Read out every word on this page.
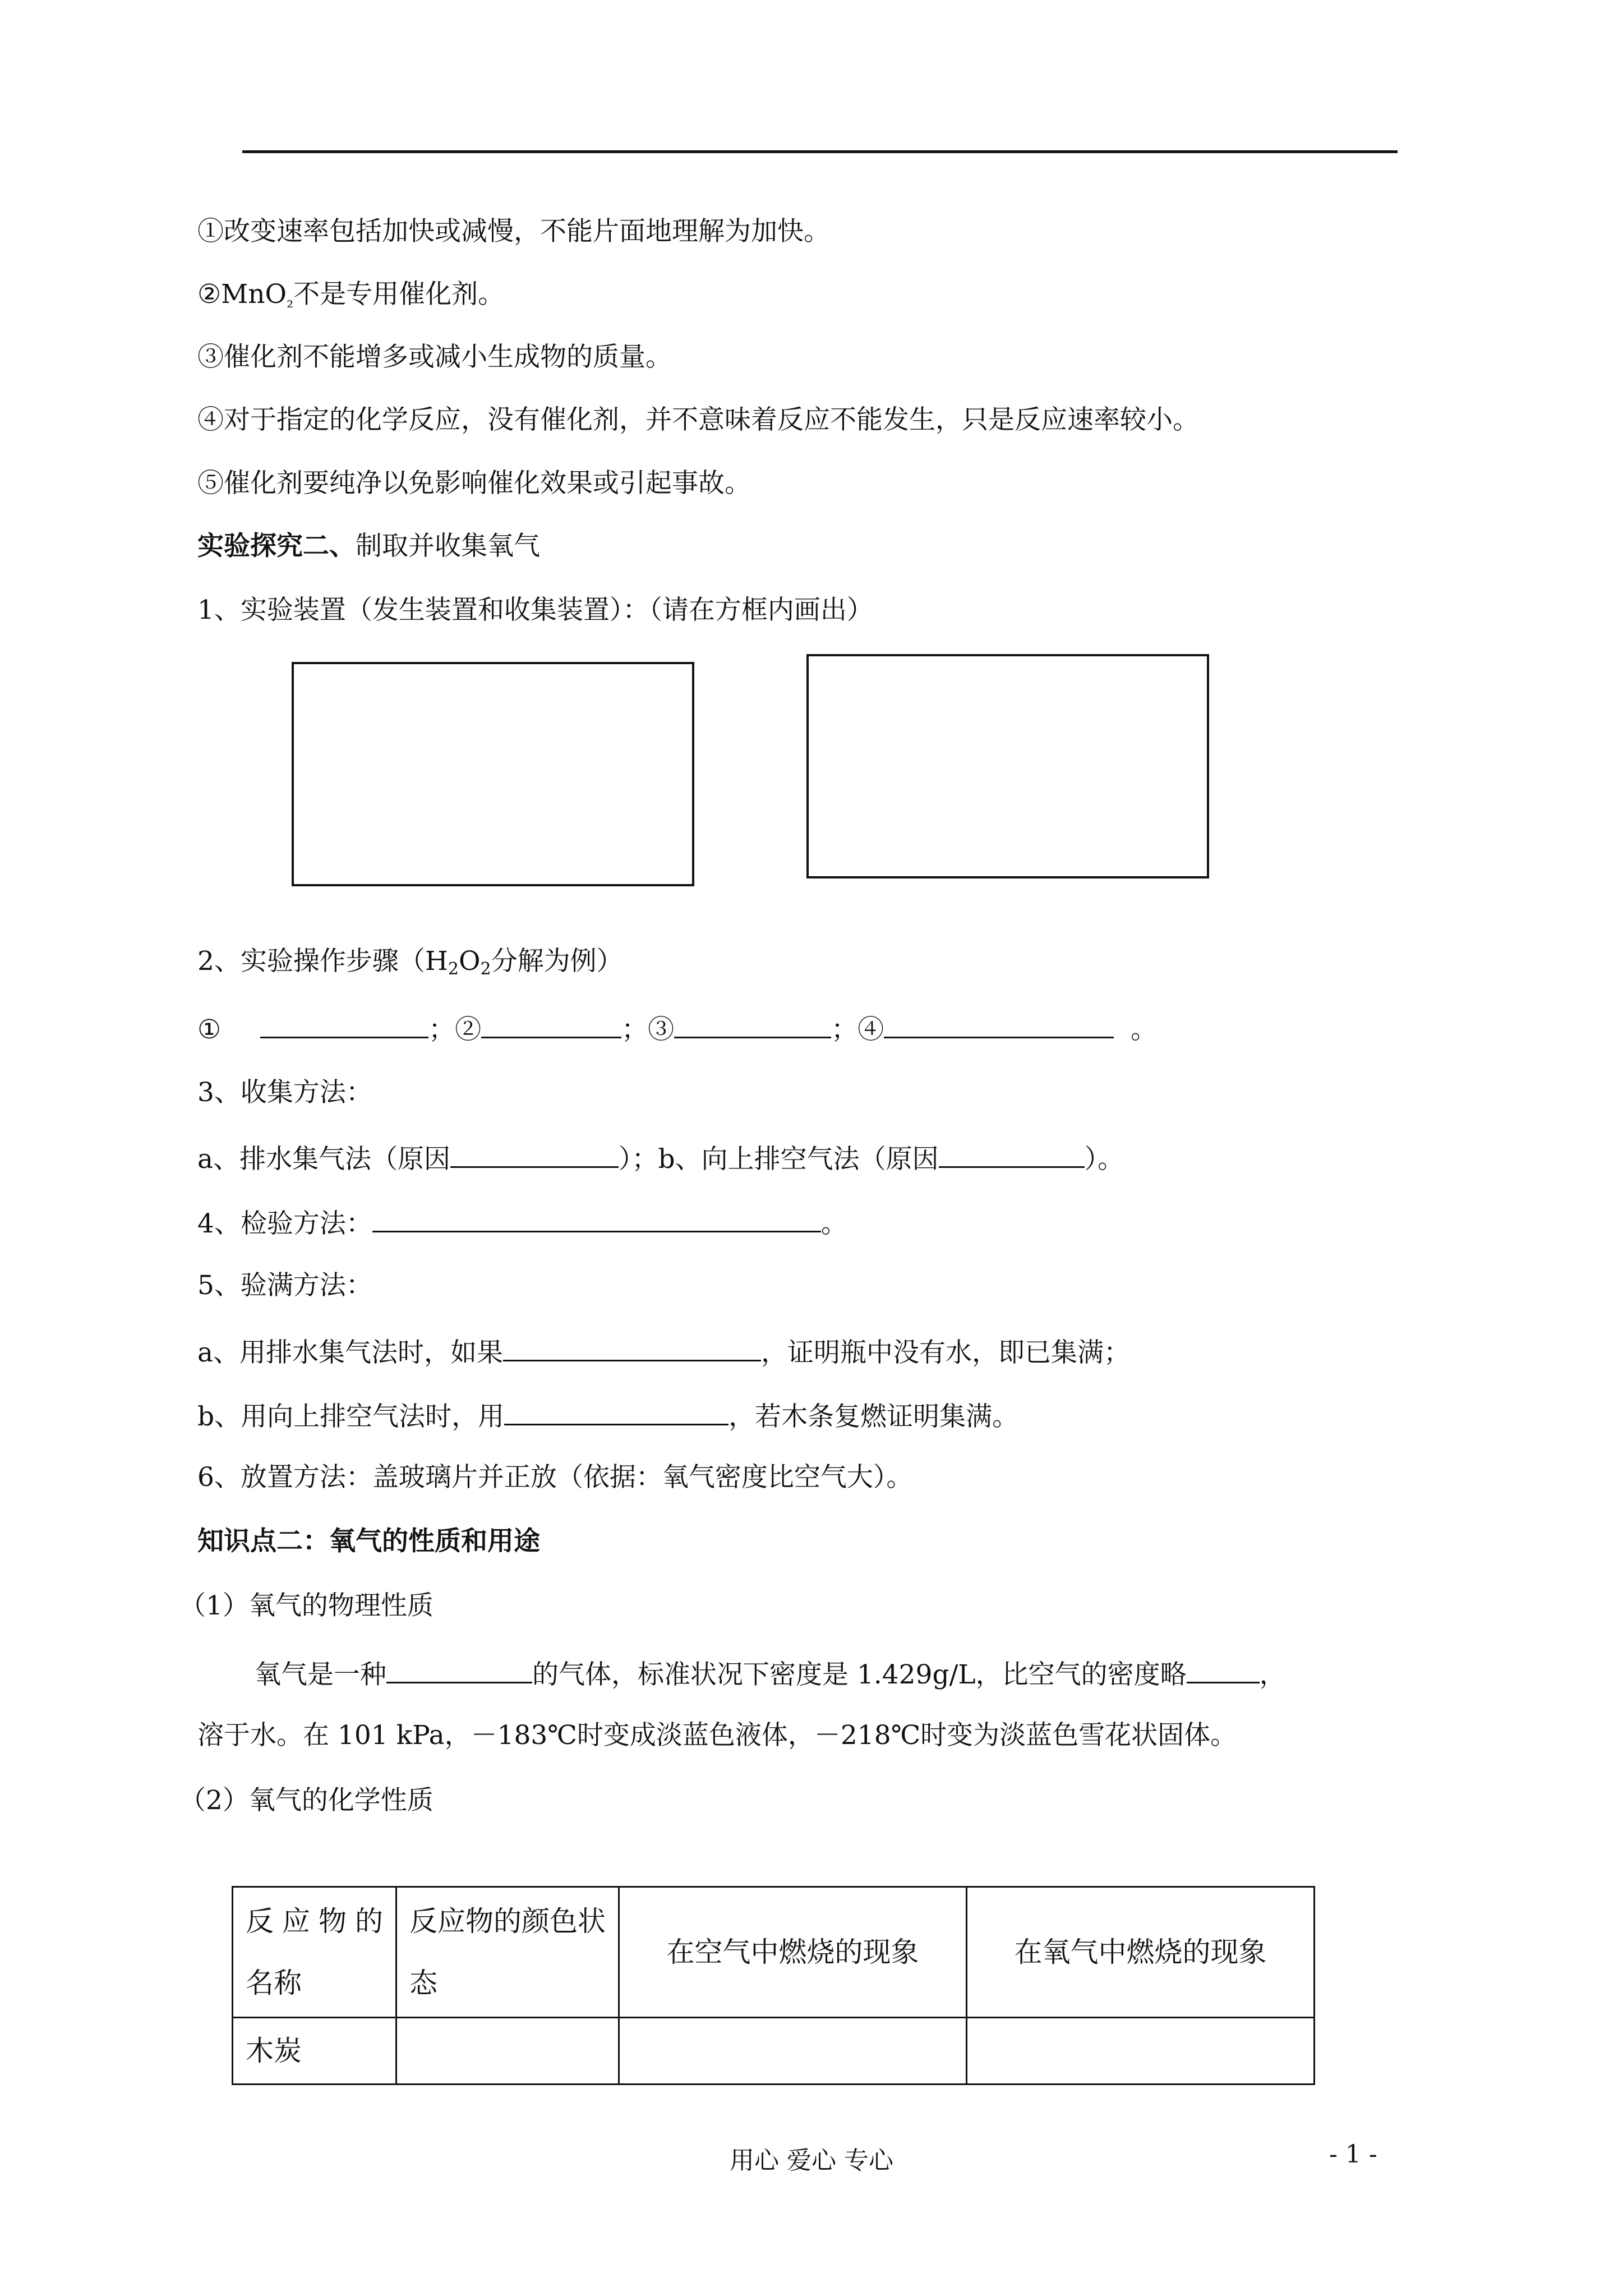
①改变速率包括加快或减慢，不能片面地理解为加快。
②MnO$_{_2}$不是专用催化剂。
③催化剂不能增多或减小生成物的质量。
④对于指定的化学反应，没有催化剂，并不意味着反应不能发生，只是反应速率较小。
⑤催化剂要纯净以免影响催化效果或引起事故。
实验探究二、制取并收集氧气
1、实验装置（发生装置和收集装置）：（请在方框内画出）
2、实验操作步骤（$H_2O_2$分解为例）
①	；②	；③	；④	。
3、收集方法：
a、排水集气法（原因	）；b、向上排空气法（原因	）。
4、检验方法：	。
5、验满方法：
a、用排水集气法时，如果	，证明瓶中没有水，即已集满；
b、用向上排空气法时，用	，若木条复燃证明集满。
6、放置方法：盖玻璃片并正放（依据：氧气密度比空气大）。
知识点二：氧气的性质和用途
（1）氧气的物理性质
氧气是一种	的气体，标准状况下密度是 1.429g/L，比空气的密度略	，
溶于水。在 101 kPa，－183℃时变成淡蓝色液体，－218℃时变为淡蓝色雪花状固体。
（2）氧气的化学性质
反应物的名称	反应物的颜色状态	在空气中燃烧的现象	在氧气中燃烧的现象
木炭			
用心 爱心 专心	- 1 -
